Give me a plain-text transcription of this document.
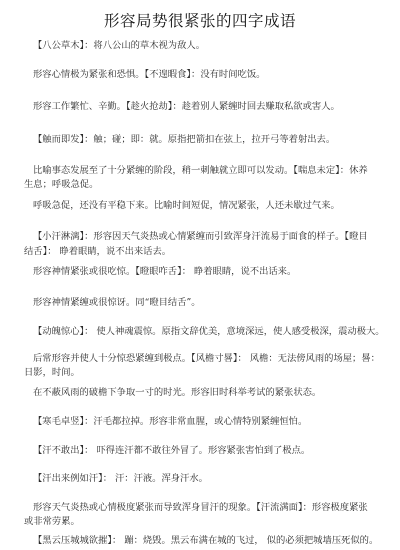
形容局势很紧张的四字成语
【八公草木】：将八公山的草木视为敌人。
形容心情极为紧张和恐惧。【不遑暇食】：没有时间吃饭。
形容工作繁忙、辛勤。【趁火抢劫】：趁着别人紧缠时回去赚取私欲或害人。
【触而即发】：触；碰；即：就。原指把箭扣在弦上，拉开弓等着射出去。
比喻事态发展至了十分紧缠的阶段，稍一刺触就立即可以发动。【喘息未定】：休养
生息；呼吸急促。
呼吸急促，还没有平稳下来。比喻时间短促，情况紧张，人还未歇过气来。
【小汗淋漓】：形容因天气炎热或心情紧缠而引致浑身汗流易于面食的样子。【瞪目
结舌】： 睁着眼睛，说不出来话去。
形容神情紧张或很吃惊。【瞪眼咋舌】： 睁着眼睛，说不出话来。
形容神情紧缠或很惊讶。同“瞪目结舌”。
【动魄惊心】： 使人神魂震惊。原指文辞优美，意境深远，使人感受极深，震动极大。
后常形容并使人十分惊恐紧缠到极点。【风檐寸晷】： 风檐：无法傍风雨的场屋；晷：
日影，时间。
在不蔽风雨的破檐下争取一寸的时光。形容旧时科举考试的紧张状态。
【寒毛卓竖】：汗毛都拉掉。形容非常血腥，或心情特别紧缠恒怕。
【汗不敢出】： 吓得连汗都不敢往外冒了。形容紧张害怕到了极点。
【汗出来例如汗】： 汗：汗液。浑身汗水。
形容天气炎热或心情极度紧张而导致浑身冒汗的现象。【汗流满面】：形容极度紧张
或非常劳累。
【黑云压城城欲摧】： 蹦：烧毁。黑云布满在城的飞过， 似的必须把城墙压死似的。
